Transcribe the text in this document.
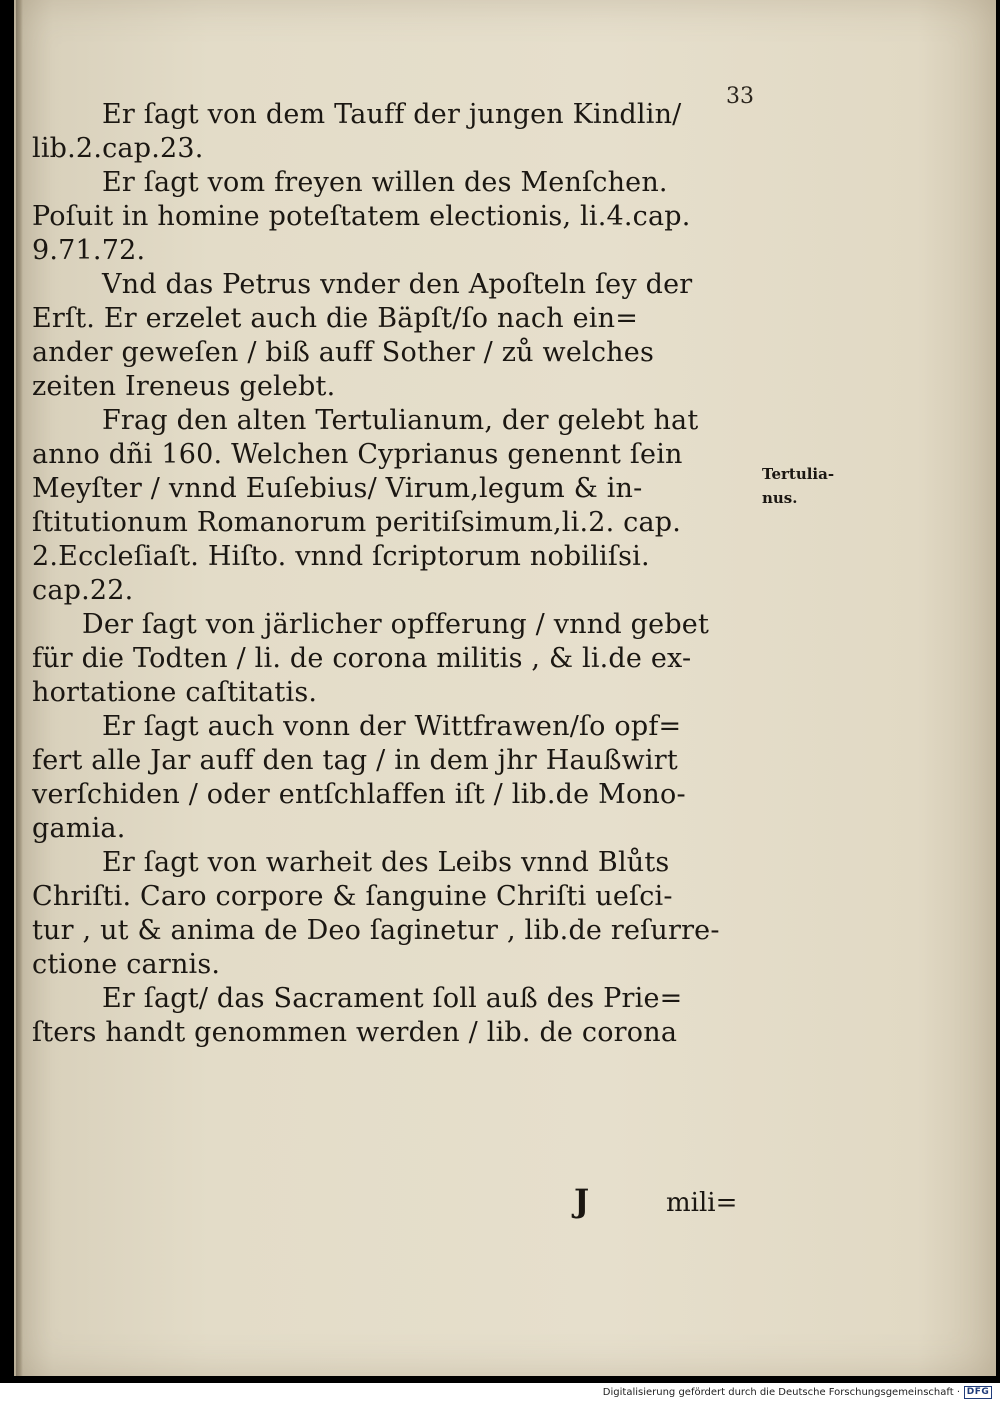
33
Er ſagt von dem Tauff der jungen Kindlin/
lib.2.cap.23.
Er ſagt vom freyen willen des Menſchen.
Poſuit in homine poteſtatem electionis, li.4.cap.
9.71.72.
Vnd das Petrus vnder den Apoſteln ſey der
Erſt. Er erzelet auch die Bäpſt/ſo nach ein=
ander geweſen / biß auff Sother / zů welches
zeiten Ireneus gelebt.
Frag den alten Tertulianum, der gelebt hat
anno dñi 160. Welchen Cyprianus genennt ſein
Meyſter / vnnd Euſebius/ Virum,legum & in-
ſtitutionum Romanorum peritiſsimum,li.2. cap.
2.Eccleſiaſt. Hiſto. vnnd ſcriptorum nobiliſsi.
cap.22.
Der ſagt von järlicher opfferung / vnnd gebet
für die Todten / li. de corona militis , & li.de ex-
hortatione caſtitatis.
Er ſagt auch vonn der Wittfrawen/ſo opf=
fert alle Jar auff den tag / in dem jhr Haußwirt
verſchiden / oder entſchlaffen iſt / lib.de Mono-
gamia.
Er ſagt von warheit des Leibs vnnd Blůts
Chriſti. Caro corpore & ſanguine Chriſti ueſci-
tur , ut & anima de Deo ſaginetur , lib.de reſurre-
ctione carnis.
Er ſagt/ das Sacrament ſoll auß des Prie=
ſters handt genommen werden / lib. de corona
Tertulia-
nus.
J	mili=
Digitalisierung gefördert durch die Deutsche Forschungsgemeinschaft · DFG
